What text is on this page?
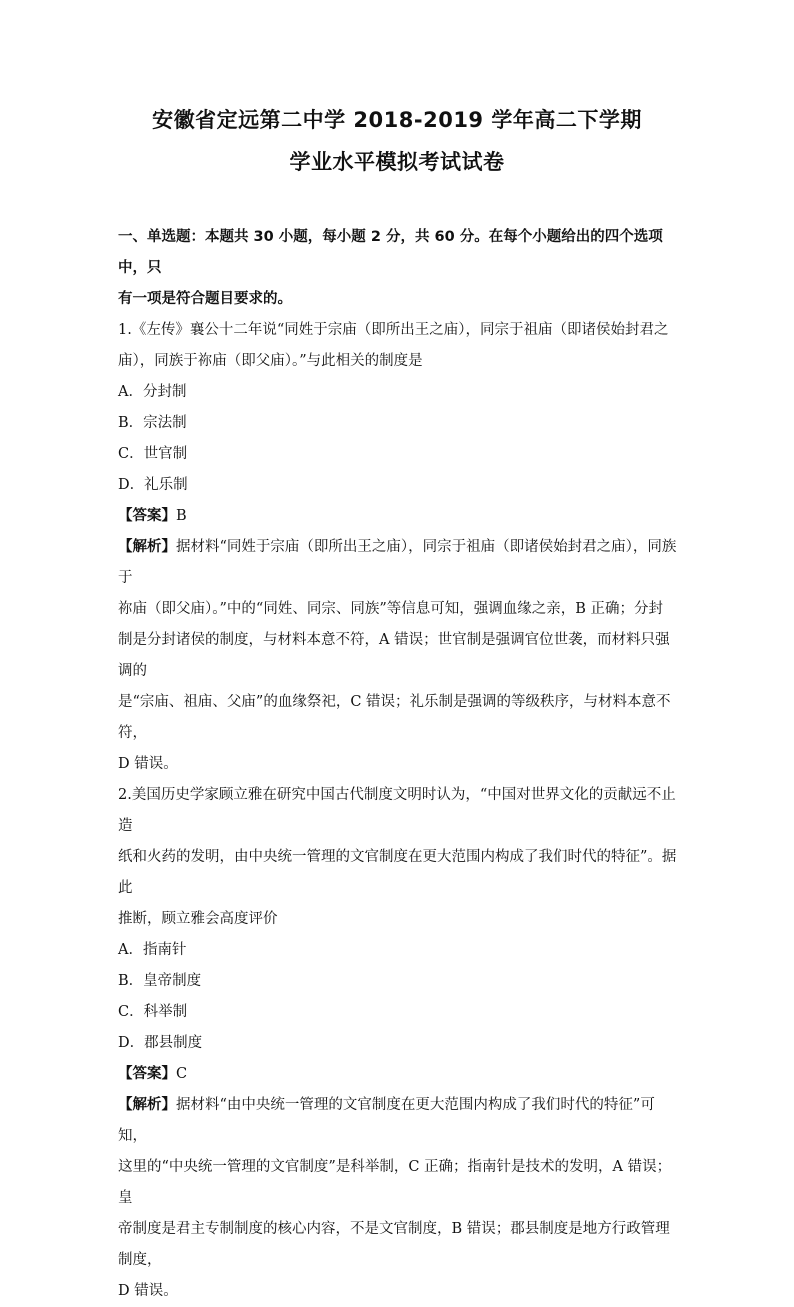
安徽省定远第二中学 2018-2019 学年高二下学期
学业水平模拟考试试卷

一、单选题：本题共 30 小题，每小题 2 分，共 60 分。在每个小题给出的四个选项中，只

有一项是符合题目要求的。

1.《左传》襄公十二年说“同姓于宗庙（即所出王之庙），同宗于祖庙（即诸侯始封君之

庙），同族于祢庙（即父庙）。”与此相关的制度是

A．分封制

B．宗法制

C．世官制

D．礼乐制

【答案】B

【解析】据材料“同姓于宗庙（即所出王之庙），同宗于祖庙（即诸侯始封君之庙），同族于

祢庙（即父庙）。”中的“同姓、同宗、同族”等信息可知，强调血缘之亲，B 正确；分封

制是分封诸侯的制度，与材料本意不符，A 错误；世官制是强调官位世袭，而材料只强调的

是“宗庙、祖庙、父庙”的血缘祭祀，C 错误；礼乐制是强调的等级秩序，与材料本意不符，

D 错误。

2.美国历史学家顾立雅在研究中国古代制度文明时认为，“中国对世界文化的贡献远不止造

纸和火药的发明，由中央统一管理的文官制度在更大范围内构成了我们时代的特征”。据此

推断，顾立雅会高度评价

A．指南针

B．皇帝制度

C．科举制

D．郡县制度

【答案】C

【解析】据材料“由中央统一管理的文官制度在更大范围内构成了我们时代的特征”可知，

这里的“中央统一管理的文官制度”是科举制，C 正确；指南针是技术的发明，A 错误；皇

帝制度是君主专制制度的核心内容，不是文官制度，B 错误；郡县制度是地方行政管理制度，

D 错误。
